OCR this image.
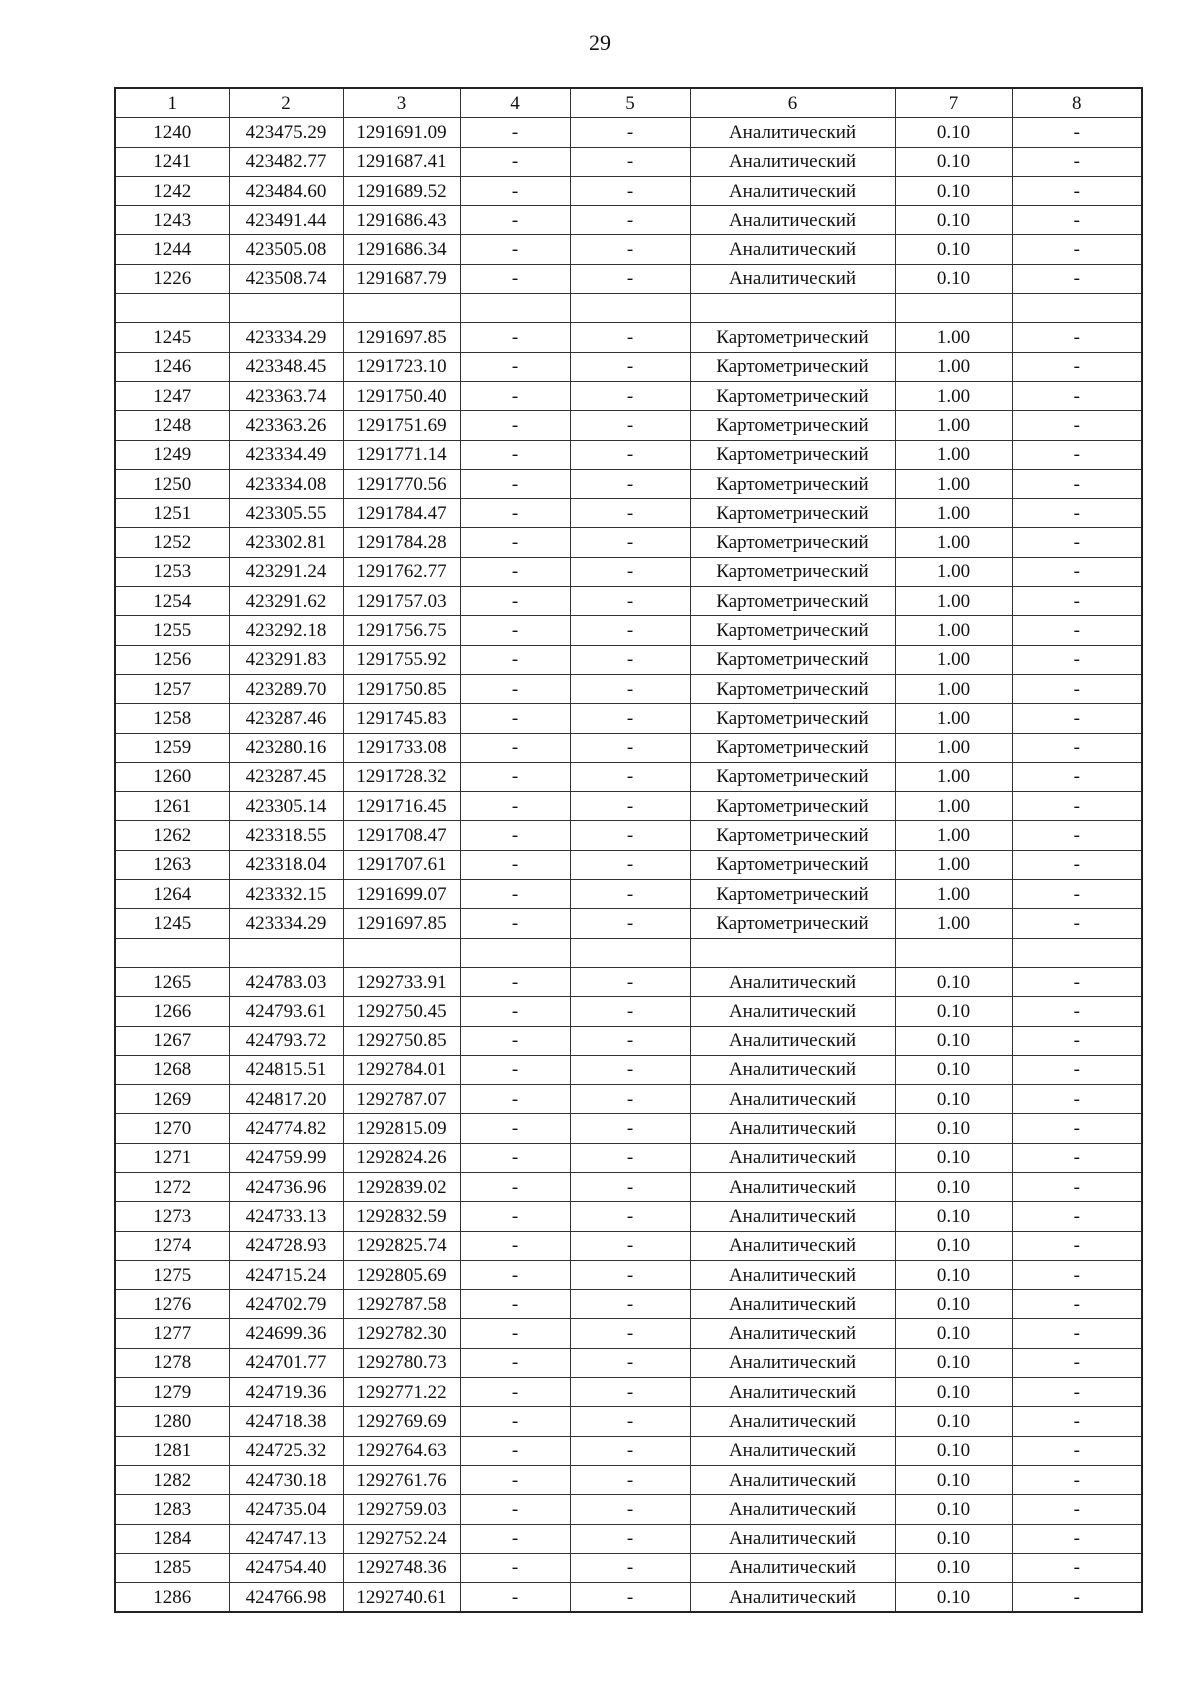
29
1	2	3	4	5	6	7	8
1240	423475.29	1291691.09	-	-	Аналитический	0.10	-
1241	423482.77	1291687.41	-	-	Аналитический	0.10	-
1242	423484.60	1291689.52	-	-	Аналитический	0.10	-
1243	423491.44	1291686.43	-	-	Аналитический	0.10	-
1244	423505.08	1291686.34	-	-	Аналитический	0.10	-
1226	423508.74	1291687.79	-	-	Аналитический	0.10	-

1245	423334.29	1291697.85	-	-	Картометрический	1.00	-
1246	423348.45	1291723.10	-	-	Картометрический	1.00	-
1247	423363.74	1291750.40	-	-	Картометрический	1.00	-
1248	423363.26	1291751.69	-	-	Картометрический	1.00	-
1249	423334.49	1291771.14	-	-	Картометрический	1.00	-
1250	423334.08	1291770.56	-	-	Картометрический	1.00	-
1251	423305.55	1291784.47	-	-	Картометрический	1.00	-
1252	423302.81	1291784.28	-	-	Картометрический	1.00	-
1253	423291.24	1291762.77	-	-	Картометрический	1.00	-
1254	423291.62	1291757.03	-	-	Картометрический	1.00	-
1255	423292.18	1291756.75	-	-	Картометрический	1.00	-
1256	423291.83	1291755.92	-	-	Картометрический	1.00	-
1257	423289.70	1291750.85	-	-	Картометрический	1.00	-
1258	423287.46	1291745.83	-	-	Картометрический	1.00	-
1259	423280.16	1291733.08	-	-	Картометрический	1.00	-
1260	423287.45	1291728.32	-	-	Картометрический	1.00	-
1261	423305.14	1291716.45	-	-	Картометрический	1.00	-
1262	423318.55	1291708.47	-	-	Картометрический	1.00	-
1263	423318.04	1291707.61	-	-	Картометрический	1.00	-
1264	423332.15	1291699.07	-	-	Картометрический	1.00	-
1245	423334.29	1291697.85	-	-	Картометрический	1.00	-

1265	424783.03	1292733.91	-	-	Аналитический	0.10	-
1266	424793.61	1292750.45	-	-	Аналитический	0.10	-
1267	424793.72	1292750.85	-	-	Аналитический	0.10	-
1268	424815.51	1292784.01	-	-	Аналитический	0.10	-
1269	424817.20	1292787.07	-	-	Аналитический	0.10	-
1270	424774.82	1292815.09	-	-	Аналитический	0.10	-
1271	424759.99	1292824.26	-	-	Аналитический	0.10	-
1272	424736.96	1292839.02	-	-	Аналитический	0.10	-
1273	424733.13	1292832.59	-	-	Аналитический	0.10	-
1274	424728.93	1292825.74	-	-	Аналитический	0.10	-
1275	424715.24	1292805.69	-	-	Аналитический	0.10	-
1276	424702.79	1292787.58	-	-	Аналитический	0.10	-
1277	424699.36	1292782.30	-	-	Аналитический	0.10	-
1278	424701.77	1292780.73	-	-	Аналитический	0.10	-
1279	424719.36	1292771.22	-	-	Аналитический	0.10	-
1280	424718.38	1292769.69	-	-	Аналитический	0.10	-
1281	424725.32	1292764.63	-	-	Аналитический	0.10	-
1282	424730.18	1292761.76	-	-	Аналитический	0.10	-
1283	424735.04	1292759.03	-	-	Аналитический	0.10	-
1284	424747.13	1292752.24	-	-	Аналитический	0.10	-
1285	424754.40	1292748.36	-	-	Аналитический	0.10	-
1286	424766.98	1292740.61	-	-	Аналитический	0.10	-
